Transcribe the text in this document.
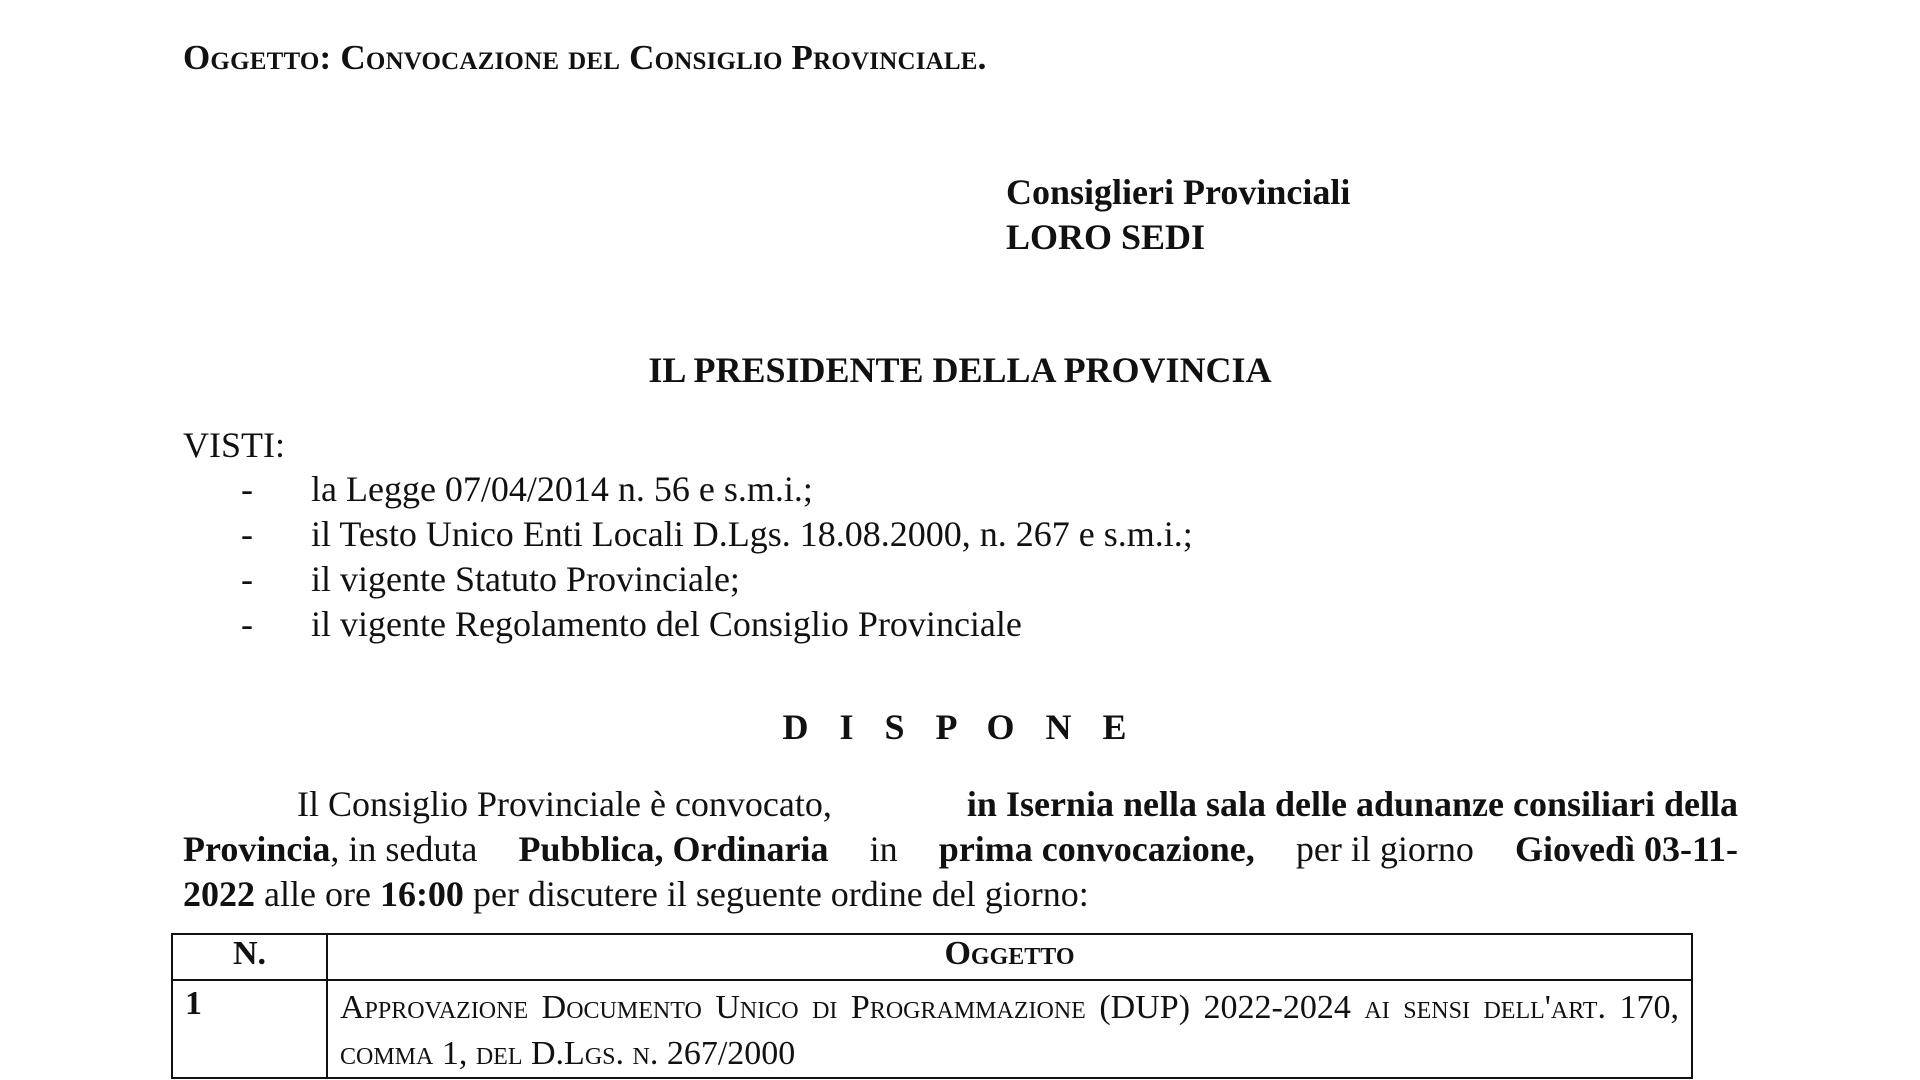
Oggetto: Convocazione del Consiglio Provinciale.
Consiglieri Provinciali
LORO SEDI
IL PRESIDENTE DELLA PROVINCIA
VISTI:
- la Legge 07/04/2014 n. 56 e s.m.i.;
- il Testo Unico Enti Locali D.Lgs. 18.08.2000, n. 267 e s.m.i.;
- il vigente Statuto Provinciale;
- il vigente Regolamento del Consiglio Provinciale
D I S P O N E
Il Consiglio Provinciale è convocato,	in Isernia nella sala delle adunanze consiliari della
Provincia, in seduta Pubblica, Ordinaria in prima convocazione, per il giorno Giovedì 03-11-
2022 alle ore 16:00 per discutere il seguente ordine del giorno:
N.	Oggetto
1	Approvazione Documento Unico di Programmazione (DUP) 2022-2024 ai sensi dell'art. 170, comma 1, del D.Lgs. n. 267/2000
